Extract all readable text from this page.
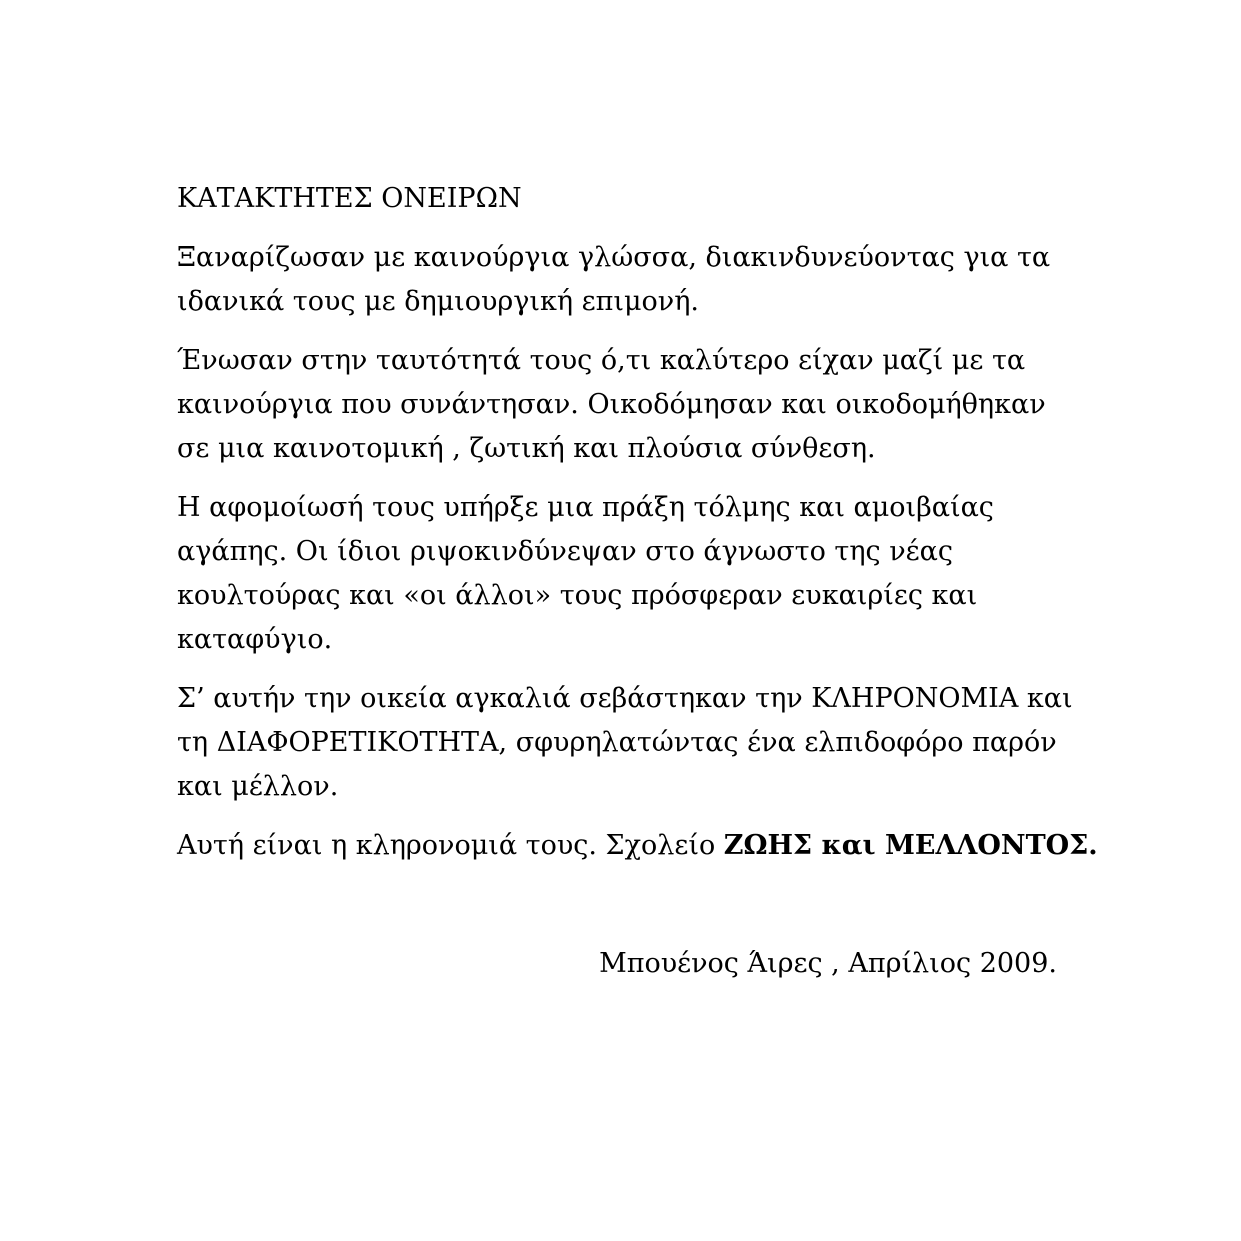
ΚΑΤΑΚΤΗΤΕΣ ΟΝΕΙΡΩΝ
Ξαναρίζωσαν με καινούργια γλώσσα, διακινδυνεύοντας για τα
ιδανικά τους με δημιουργική επιμονή.
Ένωσαν στην ταυτότητά τους ό,τι καλύτερο είχαν μαζί με τα
καινούργια που συνάντησαν. Οικοδόμησαν και οικοδομήθηκαν
σε μια καινοτομική , ζωτική και πλούσια σύνθεση.
Η αφομοίωσή τους υπήρξε μια πράξη τόλμης και αμοιβαίας
αγάπης. Οι ίδιοι ριψοκινδύνεψαν στο άγνωστο της νέας
κουλτούρας και «οι άλλοι» τους πρόσφεραν ευκαιρίες και
καταφύγιο.
Σ’ αυτήν την οικεία αγκαλιά σεβάστηκαν την ΚΛΗΡΟΝΟΜΙΑ και
τη ΔΙΑΦΟΡΕΤΙΚΟΤΗΤΑ, σφυρηλατώντας ένα ελπιδοφόρο παρόν
και μέλλον.
Αυτή είναι η κληρονομιά τους. Σχολείο ΖΩΗΣ και ΜΕΛΛΟΝΤΟΣ.
Μπουένος Άιρες , Απρίλιος 2009.
